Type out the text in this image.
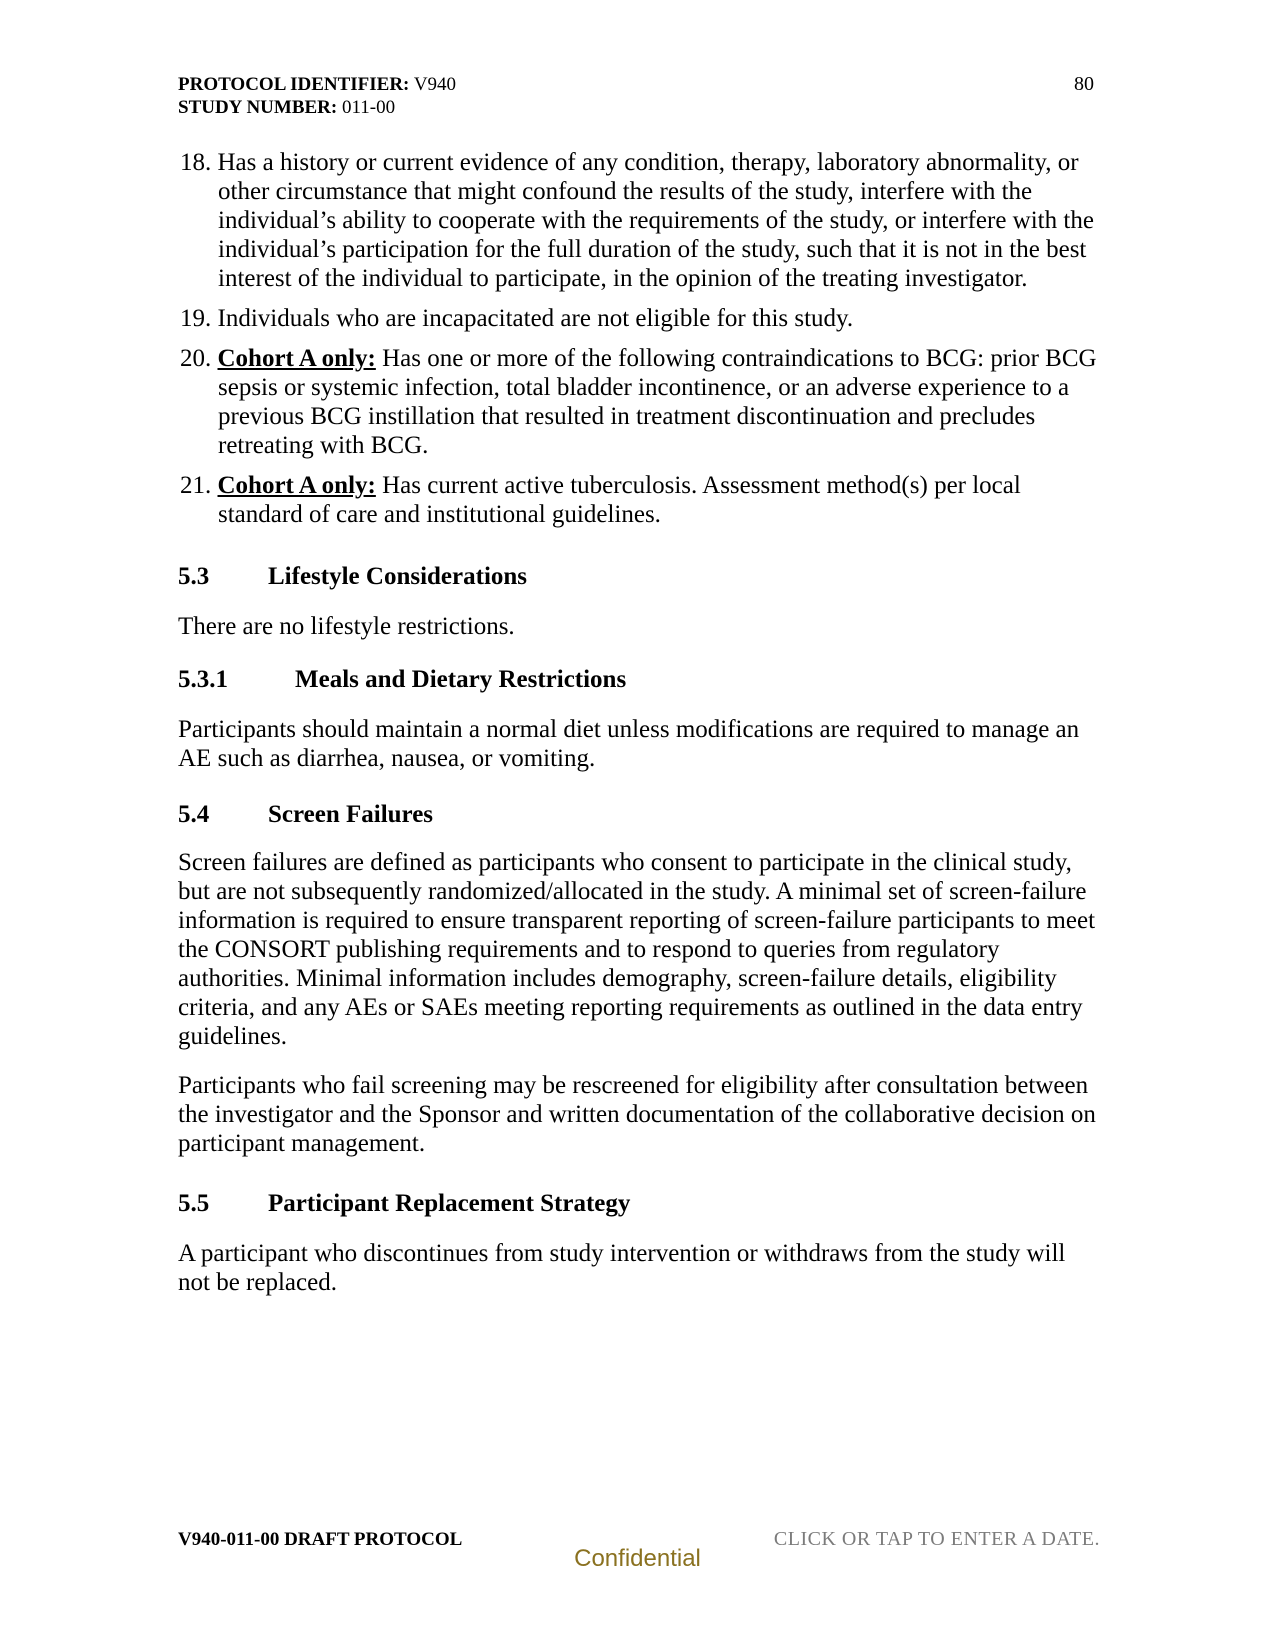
PROTOCOL IDENTIFIER: V940
STUDY NUMBER: 011-00
80
18. Has a history or current evidence of any condition, therapy, laboratory abnormality, or other circumstance that might confound the results of the study, interfere with the individual’s ability to cooperate with the requirements of the study, or interfere with the individual’s participation for the full duration of the study, such that it is not in the best interest of the individual to participate, in the opinion of the treating investigator.
19. Individuals who are incapacitated are not eligible for this study.
20. Cohort A only: Has one or more of the following contraindications to BCG: prior BCG sepsis or systemic infection, total bladder incontinence, or an adverse experience to a previous BCG instillation that resulted in treatment discontinuation and precludes retreating with BCG.
21. Cohort A only: Has current active tuberculosis. Assessment method(s) per local standard of care and institutional guidelines.
5.3 Lifestyle Considerations

There are no lifestyle restrictions.

5.3.1	Meals and Dietary Restrictions

Participants should maintain a normal diet unless modifications are required to manage an AE such as diarrhea, nausea, or vomiting.

5.4 Screen Failures

Screen failures are defined as participants who consent to participate in the clinical study, but are not subsequently randomized/allocated in the study. A minimal set of screen-failure information is required to ensure transparent reporting of screen-failure participants to meet the CONSORT publishing requirements and to respond to queries from regulatory authorities. Minimal information includes demography, screen-failure details, eligibility criteria, and any AEs or SAEs meeting reporting requirements as outlined in the data entry guidelines.

Participants who fail screening may be rescreened for eligibility after consultation between the investigator and the Sponsor and written documentation of the collaborative decision on participant management.

5.5 Participant Replacement Strategy

A participant who discontinues from study intervention or withdraws from the study will not be replaced.

V940-011-00 DRAFT PROTOCOL	CLICK OR TAP TO ENTER A DATE.
Confidential
